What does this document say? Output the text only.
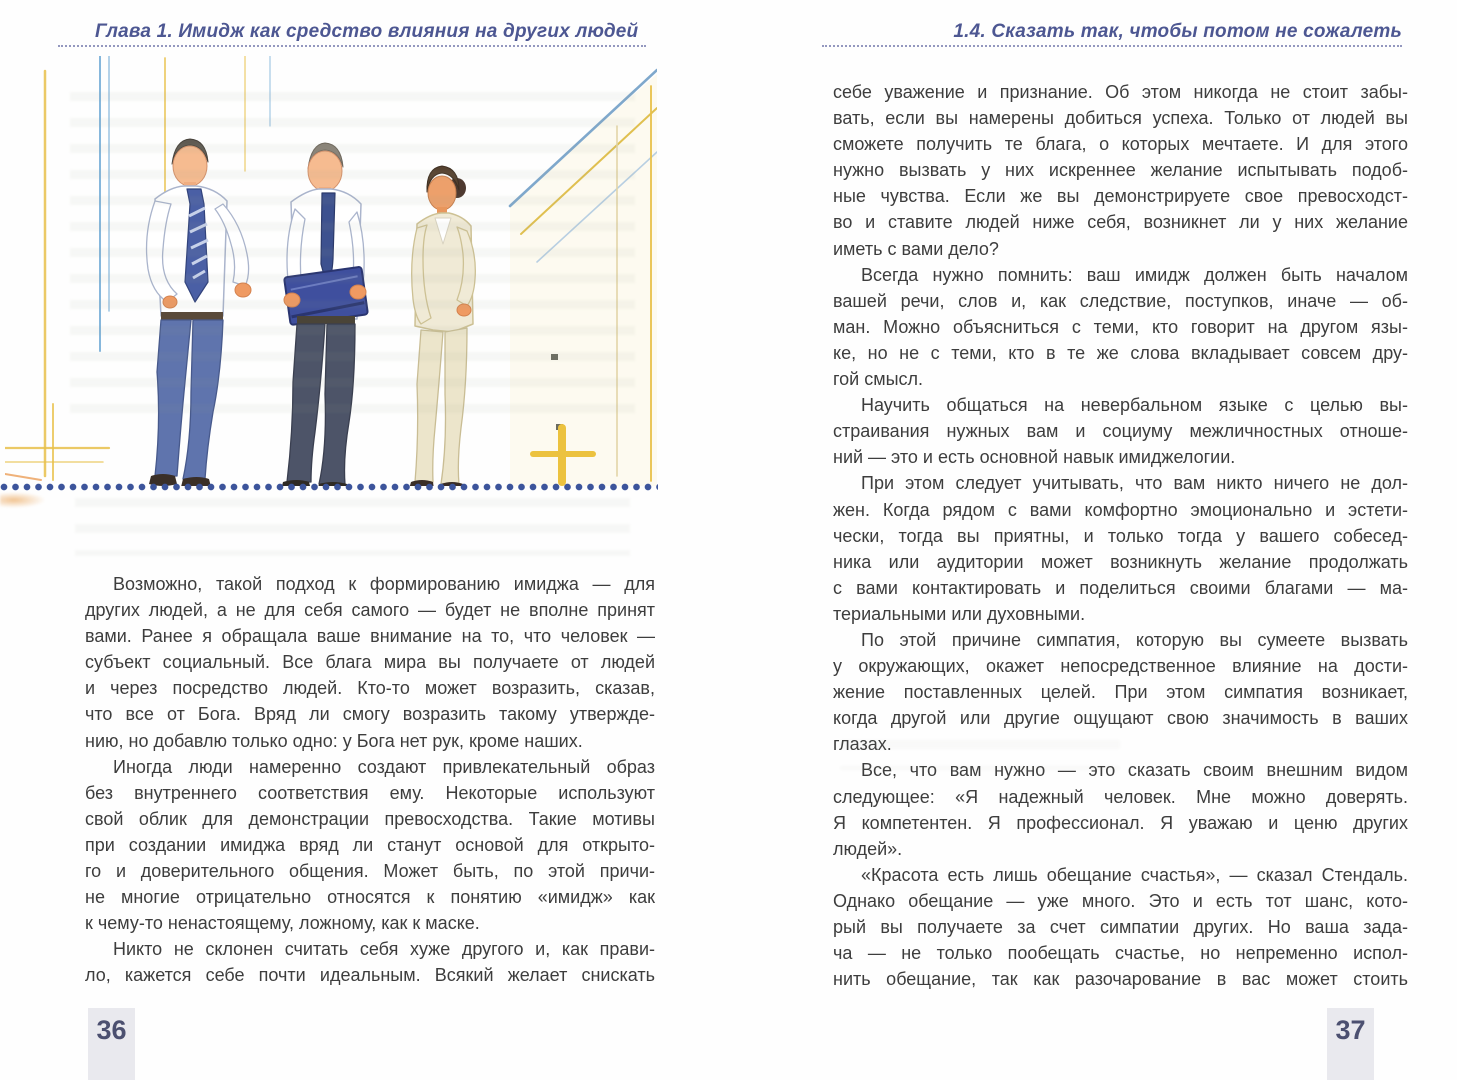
Глава 1. Имидж как средство влияния на других людей
Возможно, такой подход к формированию имиджа — для
других людей, а не для себя самого — будет не вполне принят
вами. Ранее я обращала ваше внимание на то, что человек —
субъект социальный. Все блага мира вы получаете от людей
и через посредство людей. Кто-то может возразить, сказав,
что все от Бога. Вряд ли смогу возразить такому утвержде-
нию, но добавлю только одно: у Бога нет рук, кроме наших.
Иногда люди намеренно создают привлекательный образ
без внутреннего соответствия ему. Некоторые используют
свой облик для демонстрации превосходства. Такие мотивы
при создании имиджа вряд ли станут основой для открыто-
го и доверительного общения. Может быть, по этой причи-
не многие отрицательно относятся к понятию «имидж» как
к чему-то ненастоящему, ложному, как к маске.
Никто не склонен считать себя хуже другого и, как прави-
ло, кажется себе почти идеальным. Всякий желает снискать
36
1.4. Сказать так, чтобы потом не сожалеть
себе уважение и признание. Об этом никогда не стоит забы-
вать, если вы намерены добиться успеха. Только от людей вы
сможете получить те блага, о которых мечтаете. И для этого
нужно вызвать у них искреннее желание испытывать подоб-
ные чувства. Если же вы демонстрируете свое превосходст-
во и ставите людей ниже себя, возникнет ли у них желание
иметь с вами дело?
Всегда нужно помнить: ваш имидж должен быть началом
вашей речи, слов и, как следствие, поступков, иначе — об-
ман. Можно объясниться с теми, кто говорит на другом язы-
ке, но не с теми, кто в те же слова вкладывает совсем дру-
гой смысл.
Научить общаться на невербальном языке с целью вы-
страивания нужных вам и социуму межличностных отноше-
ний — это и есть основной навык имиджелогии.
При этом следует учитывать, что вам никто ничего не дол-
жен. Когда рядом с вами комфортно эмоционально и эстети-
чески, тогда вы приятны, и только тогда у вашего собесед-
ника или аудитории может возникнуть желание продолжать
с вами контактировать и поделиться своими благами — ма-
териальными или духовными.
По этой причине симпатия, которую вы сумеете вызвать
у окружающих, окажет непосредственное влияние на дости-
жение поставленных целей. При этом симпатия возникает,
когда другой или другие ощущают свою значимость в ваших
глазах.
Все, что вам нужно — это сказать своим внешним видом
следующее: «Я надежный человек. Мне можно доверять.
Я компетентен. Я профессионал. Я уважаю и ценю других
людей».
«Красота есть лишь обещание счастья», — сказал Стендаль.
Однако обещание — уже много. Это и есть тот шанс, кото-
рый вы получаете за счет симпатии других. Но ваша зада-
ча — не только пообещать счастье, но непременно испол-
нить обещание, так как разочарование в вас может стоить
37
